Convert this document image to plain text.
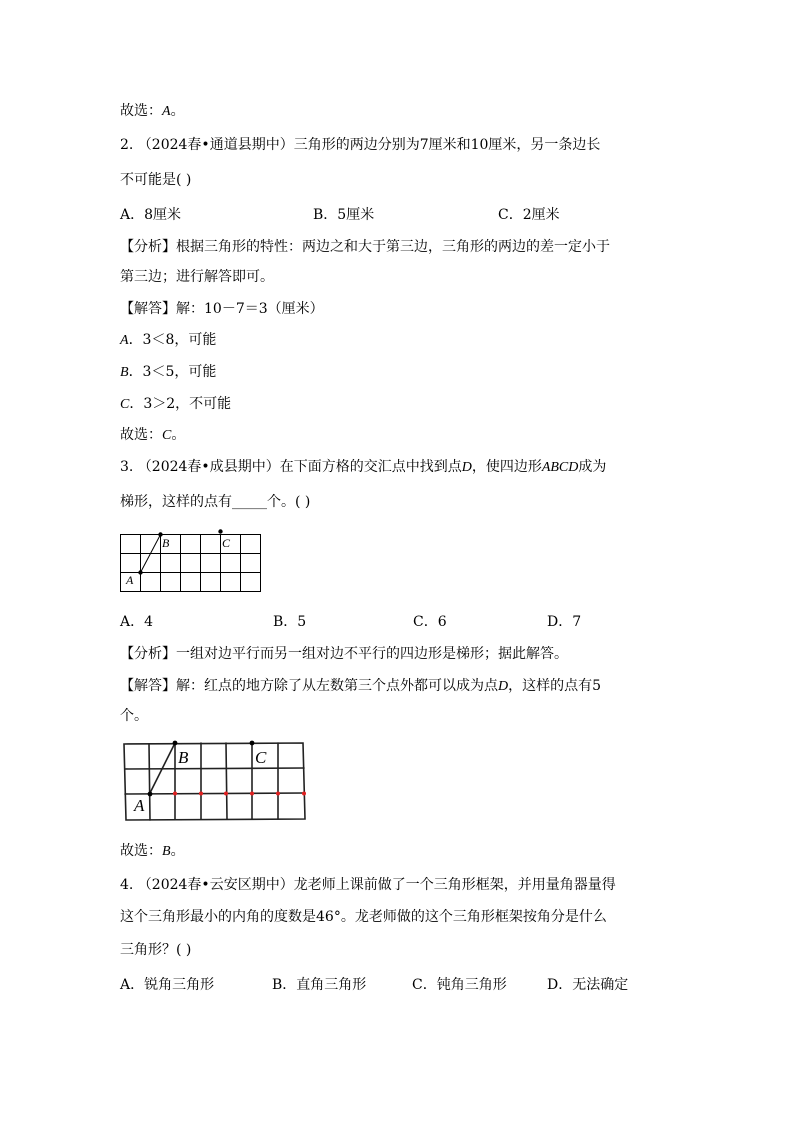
故选：A。
2. （2024春•通道县期中）三角形的两边分别为7厘米和10厘米，另一条边长
不可能是( )
A．8厘米	B．5厘米	C．2厘米
【分析】根据三角形的特性：两边之和大于第三边，三角形的两边的差一定小于
第三边；进行解答即可。
【解答】解：10－7＝3（厘米）
A．3＜8，可能
B．3＜5，可能
C．3＞2，不可能
故选：C。
3. （2024春•成县期中）在下面方格的交汇点中找到点D，使四边形ABCD成为
梯形，这样的点有_____个。( )
A
B	C
A．4	B．5	C．6	D．7
【分析】一组对边平行而另一组对边不平行的四边形是梯形；据此解答。
【解答】解：红点的地方除了从左数第三个点外都可以成为点D，这样的点有5
个。
A
B	C
故选：B。
4. （2024春•云安区期中）龙老师上课前做了一个三角形框架，并用量角器量得
这个三角形最小的内角的度数是46°。龙老师做的这个三角形框架按角分是什么
三角形？( )
A．锐角三角形	B．直角三角形	C．钝角三角形	D．无法确定
